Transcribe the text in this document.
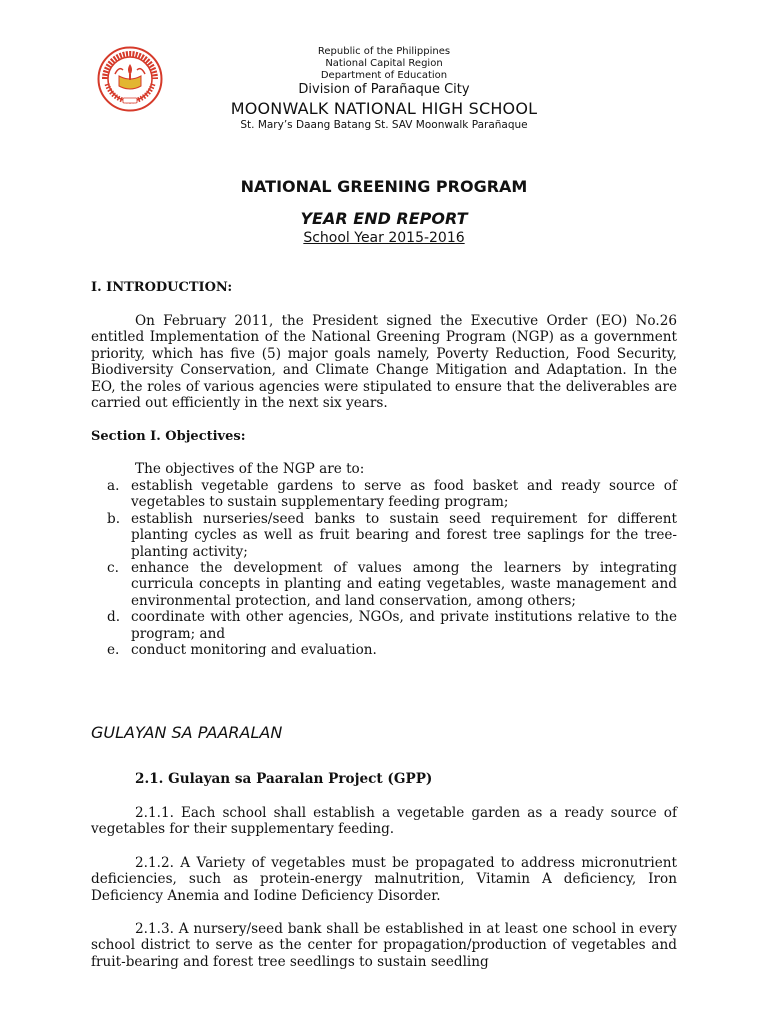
Republic of the Philippines
National Capital Region
Department of Education
Division of Parañaque City
MOONWALK NATIONAL HIGH SCHOOL
St. Mary’s Daang Batang St. SAV Moonwalk Parañaque
NATIONAL GREENING PROGRAM
YEAR END REPORT
School Year 2015-2016
I. INTRODUCTION:

On February 2011, the President signed the Executive Order (EO) No.26 entitled Implementation of the National Greening Program (NGP) as a government priority, which has five (5) major goals namely, Poverty Reduction, Food Security, Biodiversity Conservation, and Climate Change Mitigation and Adaptation. In the EO, the roles of various agencies were stipulated to ensure that the deliverables are carried out efficiently in the next six years.

Section I. Objectives:
The objectives of the NGP are to:
a. establish vegetable gardens to serve as food basket and ready source of vegetables to sustain supplementary feeding program;
b. establish nurseries/seed banks to sustain seed requirement for different planting cycles as well as fruit bearing and forest tree saplings for the tree-planting activity;
c. enhance the development of values among the learners by integrating curricula concepts in planting and eating vegetables, waste management and environmental protection, and land conservation, among others;
d. coordinate with other agencies, NGOs, and private institutions relative to the program; and
e. conduct monitoring and evaluation.
GULAYAN SA PAARALAN
2.1. Gulayan sa Paaralan Project (GPP)

2.1.1. Each school shall establish a vegetable garden as a ready source of vegetables for their supplementary feeding.

2.1.2. A Variety of vegetables must be propagated to address micronutrient deficiencies, such as protein-energy malnutrition, Vitamin A deficiency, Iron Deficiency Anemia and Iodine Deficiency Disorder.

2.1.3. A nursery/seed bank shall be established in at least one school in every school district to serve as the center for propagation/production of vegetables and fruit-bearing and forest tree seedlings to sustain seedling
